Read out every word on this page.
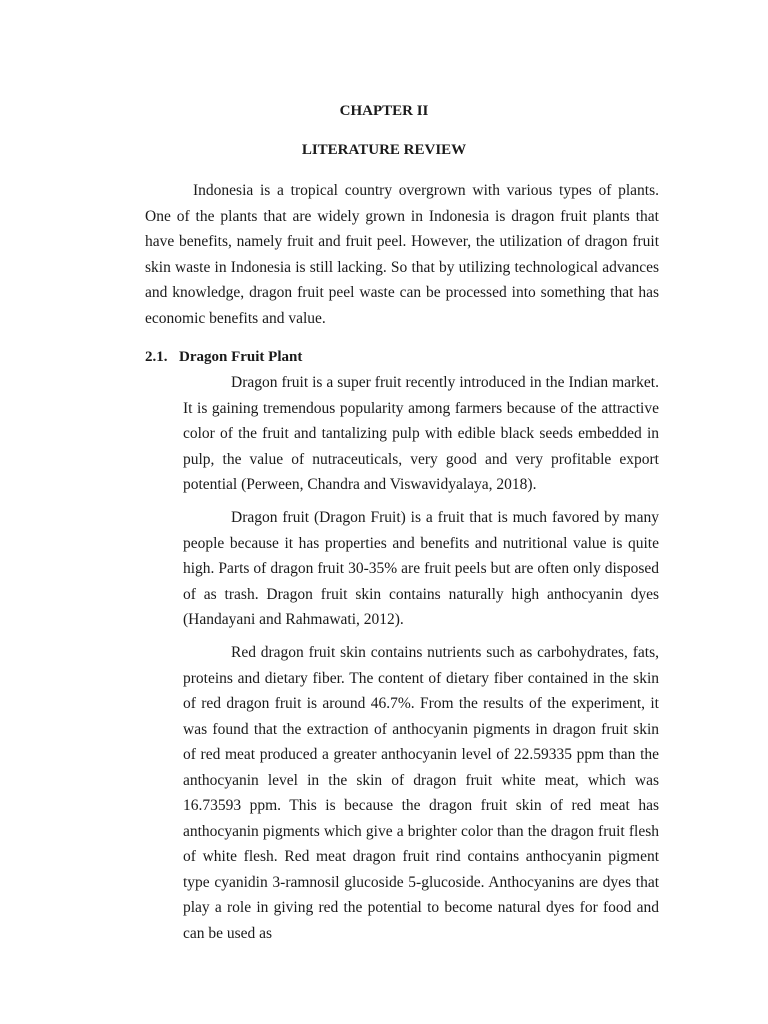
CHAPTER II
LITERATURE REVIEW

Indonesia is a tropical country overgrown with various types of plants. One of the plants that are widely grown in Indonesia is dragon fruit plants that have benefits, namely fruit and fruit peel. However, the utilization of dragon fruit skin waste in Indonesia is still lacking. So that by utilizing technological advances and knowledge, dragon fruit peel waste can be processed into something that has economic benefits and value.

2.1. Dragon Fruit Plant

Dragon fruit is a super fruit recently introduced in the Indian market. It is gaining tremendous popularity among farmers because of the attractive color of the fruit and tantalizing pulp with edible black seeds embedded in pulp, the value of nutraceuticals, very good and very profitable export potential (Perween, Chandra and Viswavidyalaya, 2018).

Dragon fruit (Dragon Fruit) is a fruit that is much favored by many people because it has properties and benefits and nutritional value is quite high. Parts of dragon fruit 30-35% are fruit peels but are often only disposed of as trash. Dragon fruit skin contains naturally high anthocyanin dyes (Handayani and Rahmawati, 2012).

Red dragon fruit skin contains nutrients such as carbohydrates, fats, proteins and dietary fiber. The content of dietary fiber contained in the skin of red dragon fruit is around 46.7%. From the results of the experiment, it was found that the extraction of anthocyanin pigments in dragon fruit skin of red meat produced a greater anthocyanin level of 22.59335 ppm than the anthocyanin level in the skin of dragon fruit white meat, which was 16.73593 ppm. This is because the dragon fruit skin of red meat has anthocyanin pigments which give a brighter color than the dragon fruit flesh of white flesh. Red meat dragon fruit rind contains anthocyanin pigment type cyanidin 3-ramnosil glucoside 5-glucoside. Anthocyanins are dyes that play a role in giving red the potential to become natural dyes for food and can be used as
